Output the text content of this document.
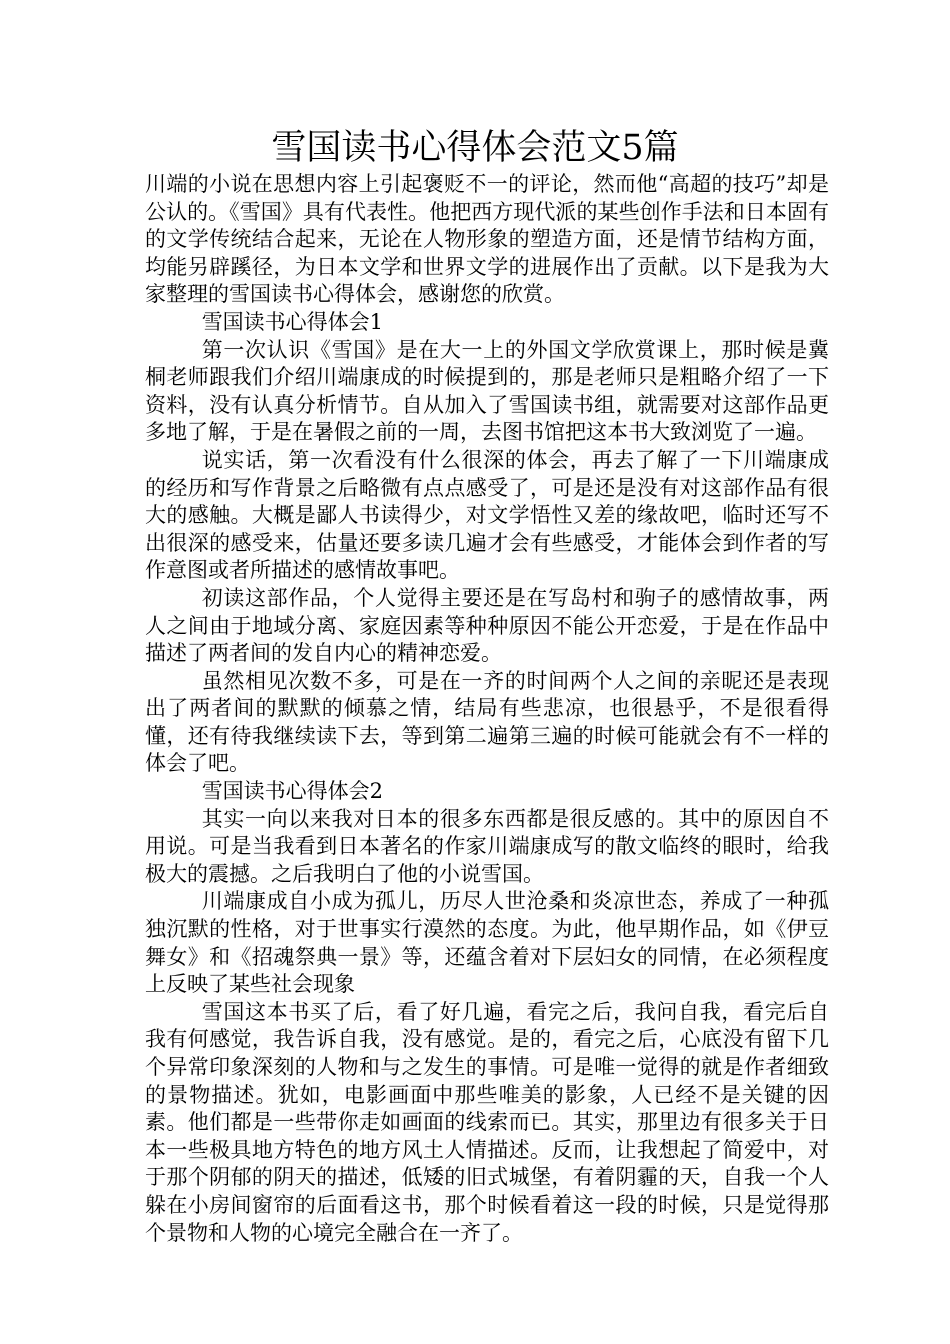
雪国读书心得体会范文5篇

川端的小说在思想内容上引起褒贬不一的评论，然而他“高超的技巧”却是公认的。《雪国》具有代表性。他把西方现代派的某些创作手法和日本固有的文学传统结合起来，无论在人物形象的塑造方面，还是情节结构方面，均能另辟蹊径，为日本文学和世界文学的进展作出了贡献。以下是我为大家整理的雪国读书心得体会，感谢您的欣赏。

雪国读书心得体会1

第一次认识《雪国》是在大一上的外国文学欣赏课上，那时候是冀桐老师跟我们介绍川端康成的时候提到的，那是老师只是粗略介绍了一下资料，没有认真分析情节。自从加入了雪国读书组，就需要对这部作品更多地了解，于是在暑假之前的一周，去图书馆把这本书大致浏览了一遍。

说实话，第一次看没有什么很深的体会，再去了解了一下川端康成的经历和写作背景之后略微有点点感受了，可是还是没有对这部作品有很大的感触。大概是鄙人书读得少，对文学悟性又差的缘故吧，临时还写不出很深的感受来，估量还要多读几遍才会有些感受，才能体会到作者的写作意图或者所描述的感情故事吧。

初读这部作品，个人觉得主要还是在写岛村和驹子的感情故事，两人之间由于地域分离、家庭因素等种种原因不能公开恋爱，于是在作品中描述了两者间的发自内心的精神恋爱。

虽然相见次数不多，可是在一齐的时间两个人之间的亲昵还是表现出了两者间的默默的倾慕之情，结局有些悲凉，也很悬乎，不是很看得懂，还有待我继续读下去，等到第二遍第三遍的时候可能就会有不一样的体会了吧。

雪国读书心得体会2

其实一向以来我对日本的很多东西都是很反感的。其中的原因自不用说。可是当我看到日本著名的作家川端康成写的散文临终的眼时，给我极大的震撼。之后我明白了他的小说雪国。

川端康成自小成为孤儿，历尽人世沧桑和炎凉世态，养成了一种孤独沉默的性格，对于世事实行漠然的态度。为此，他早期作品，如《伊豆舞女》和《招魂祭典一景》等，还蕴含着对下层妇女的同情，在必须程度上反映了某些社会现象

雪国这本书买了后，看了好几遍，看完之后，我问自我，看完后自我有何感觉，我告诉自我，没有感觉。是的，看完之后，心底没有留下几个异常印象深刻的人物和与之发生的事情。可是唯一觉得的就是作者细致的景物描述。犹如，电影画面中那些唯美的影象，人已经不是关键的因素。他们都是一些带你走如画面的线索而已。其实，那里边有很多关于日本一些极具地方特色的地方风土人情描述。反而，让我想起了简爱中，对于那个阴郁的阴天的描述，低矮的旧式城堡，有着阴霾的天，自我一个人躲在小房间窗帘的后面看这书，那个时候看着这一段的时候，只是觉得那个景物和人物的心境完全融合在一齐了。
